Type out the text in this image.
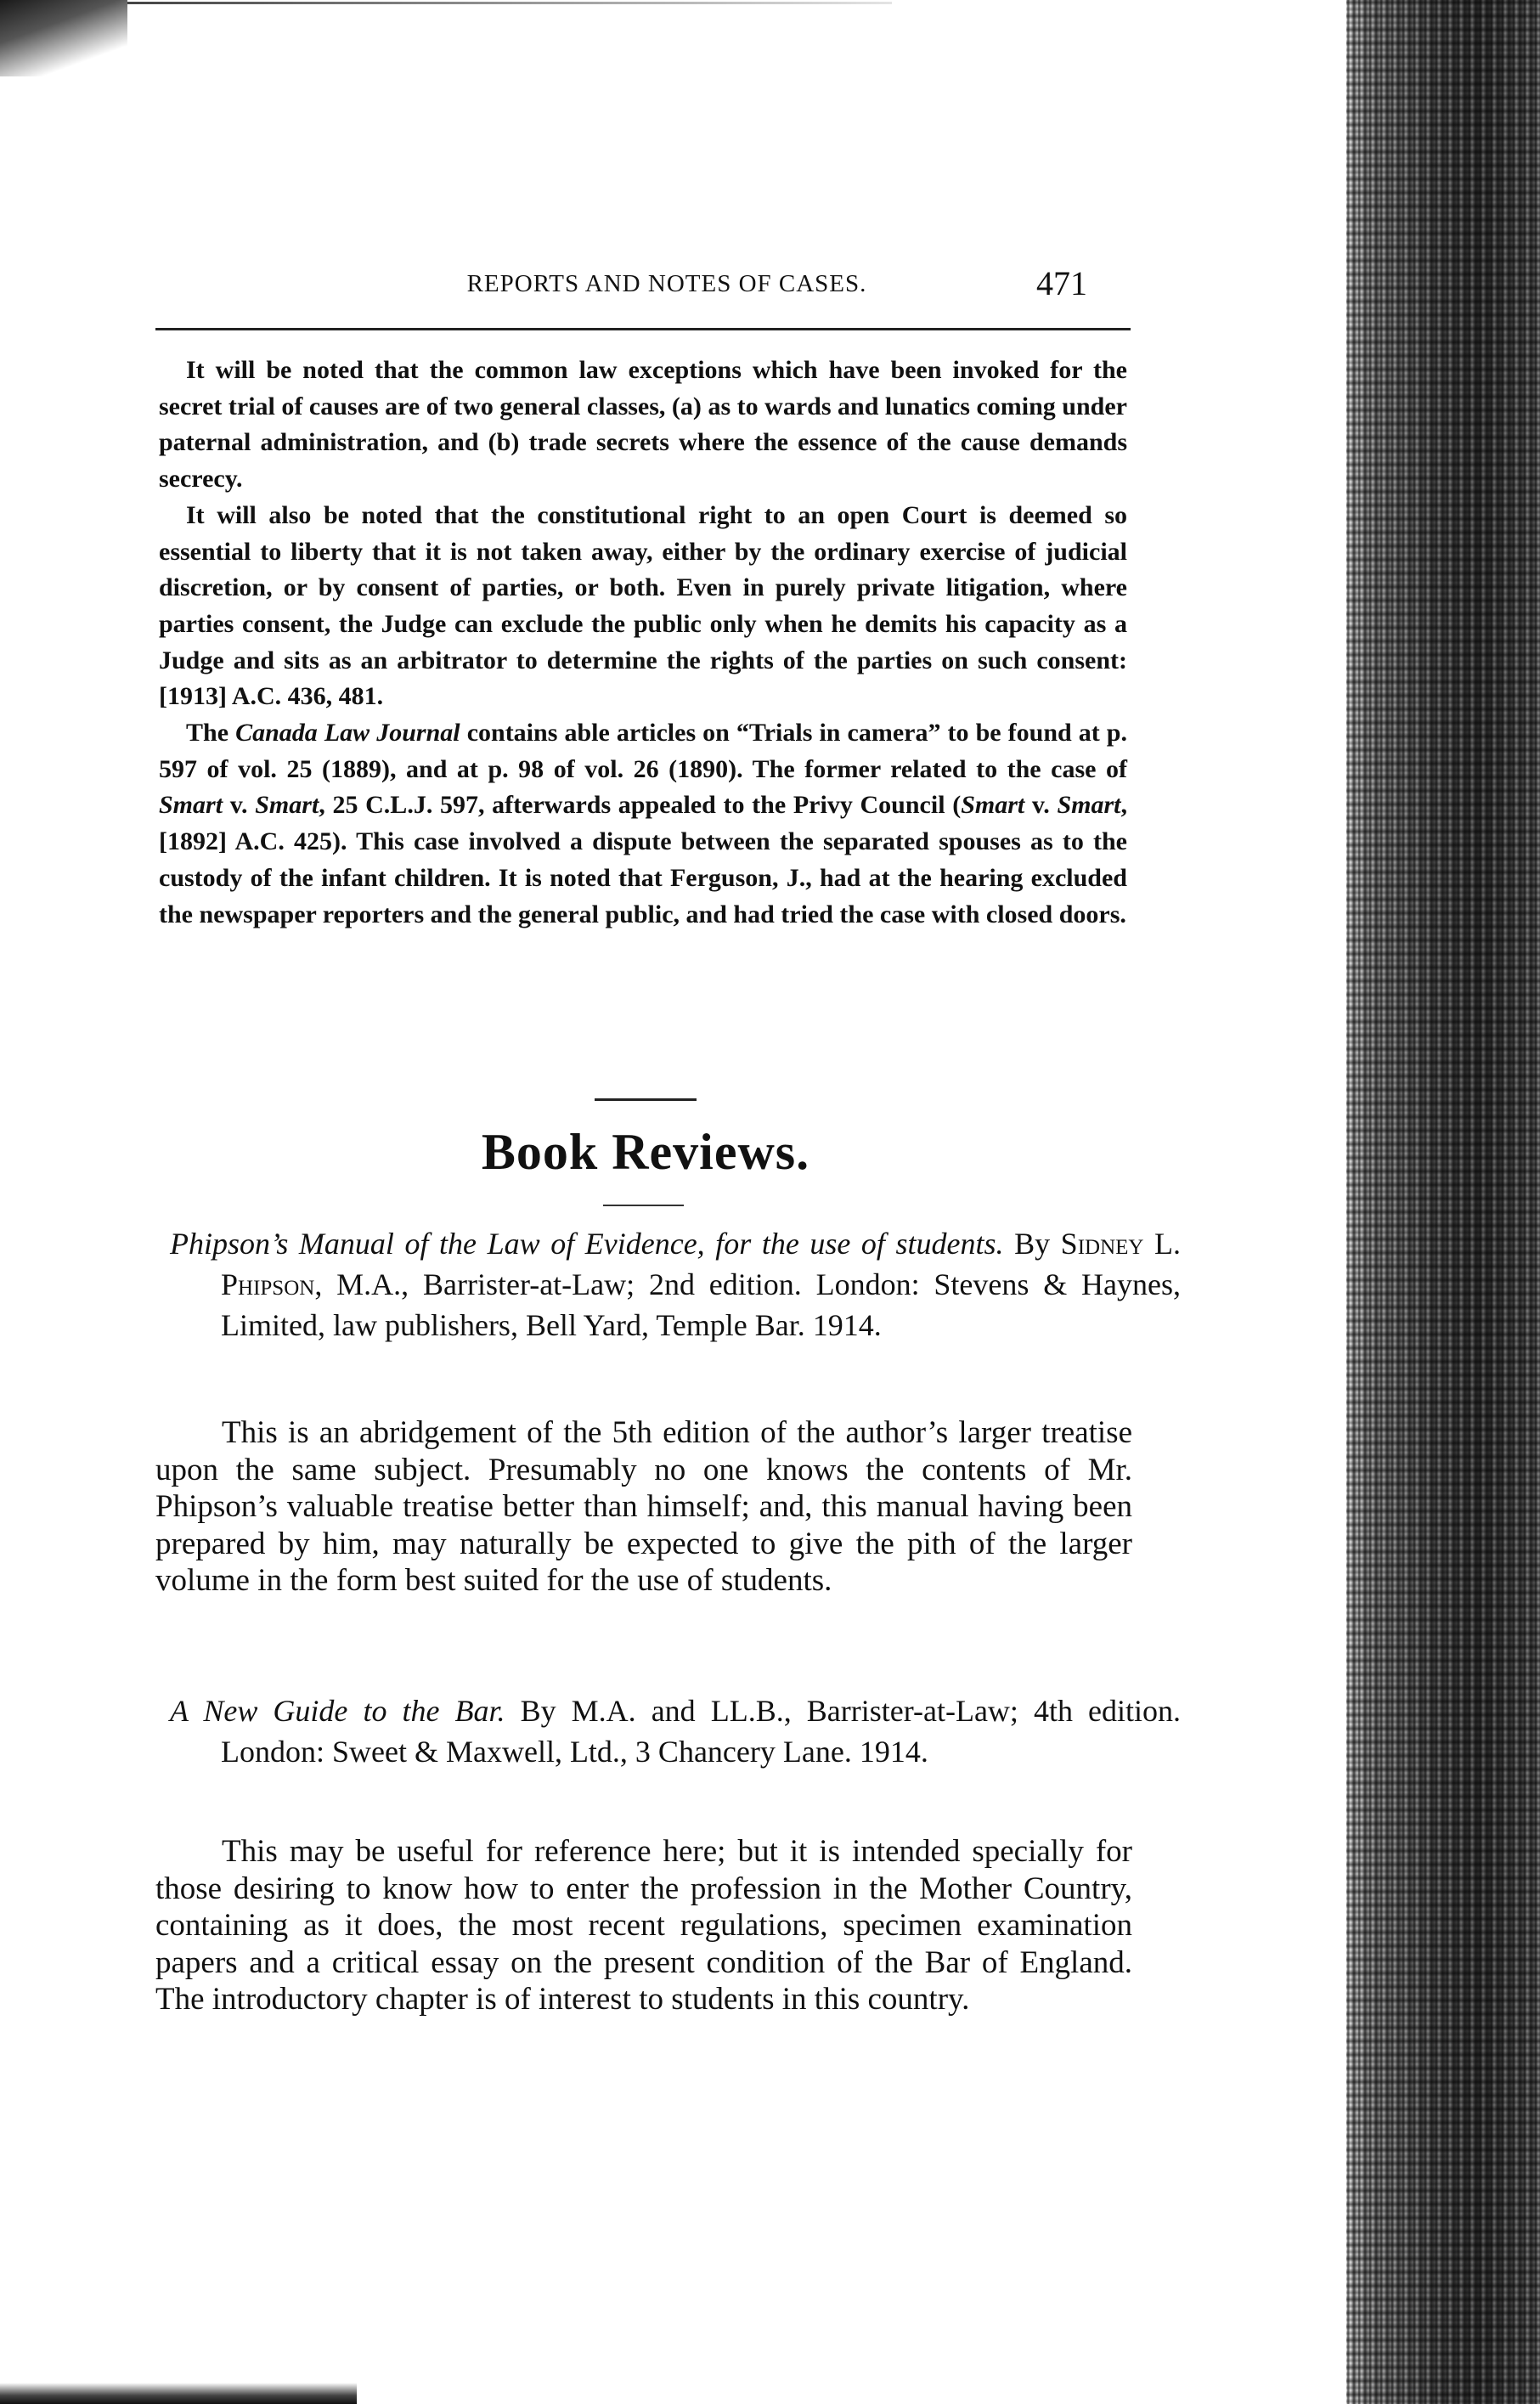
REPORTS AND NOTES OF CASES.	471

It will be noted that the common law exceptions which have been invoked for the secret trial of causes are of two general classes, (a) as to wards and lunatics coming under paternal administration, and (b) trade secrets where the essence of the cause demands secrecy.

It will also be noted that the constitutional right to an open Court is deemed so essential to liberty that it is not taken away, either by the ordinary exercise of judicial discretion, or by consent of parties, or both. Even in purely private litigation, where parties consent, the Judge can exclude the public only when he demits his capacity as a Judge and sits as an arbitrator to determine the rights of the parties on such consent: [1913] A.C. 436, 481.

The Canada Law Journal contains able articles on “Trials in camera” to be found at p. 597 of vol. 25 (1889), and at p. 98 of vol. 26 (1890). The former related to the case of Smart v. Smart, 25 C.L.J. 597, afterwards appealed to the Privy Council (Smart v. Smart, [1892] A.C. 425). This case involved a dispute between the separated spouses as to the custody of the infant children. It is noted that Ferguson, J., had at the hearing excluded the newspaper reporters and the general public, and had tried the case with closed doors.

Book Reviews.

Phipson’s Manual of the Law of Evidence, for the use of students. By Sidney L. Phipson, M.A., Barrister-at-Law; 2nd edition. London: Stevens & Haynes, Limited, law publishers, Bell Yard, Temple Bar. 1914.

This is an abridgement of the 5th edition of the author’s larger treatise upon the same subject. Presumably no one knows the contents of Mr. Phipson’s valuable treatise better than himself; and, this manual having been prepared by him, may naturally be expected to give the pith of the larger volume in the form best suited for the use of students.

A New Guide to the Bar. By M.A. and LL.B., Barrister-at-Law; 4th edition. London: Sweet & Maxwell, Ltd., 3 Chancery Lane. 1914.

This may be useful for reference here; but it is intended specially for those desiring to know how to enter the profession in the Mother Country, containing as it does, the most recent regulations, specimen examination papers and a critical essay on the present condition of the Bar of England. The introductory chapter is of interest to students in this country.
